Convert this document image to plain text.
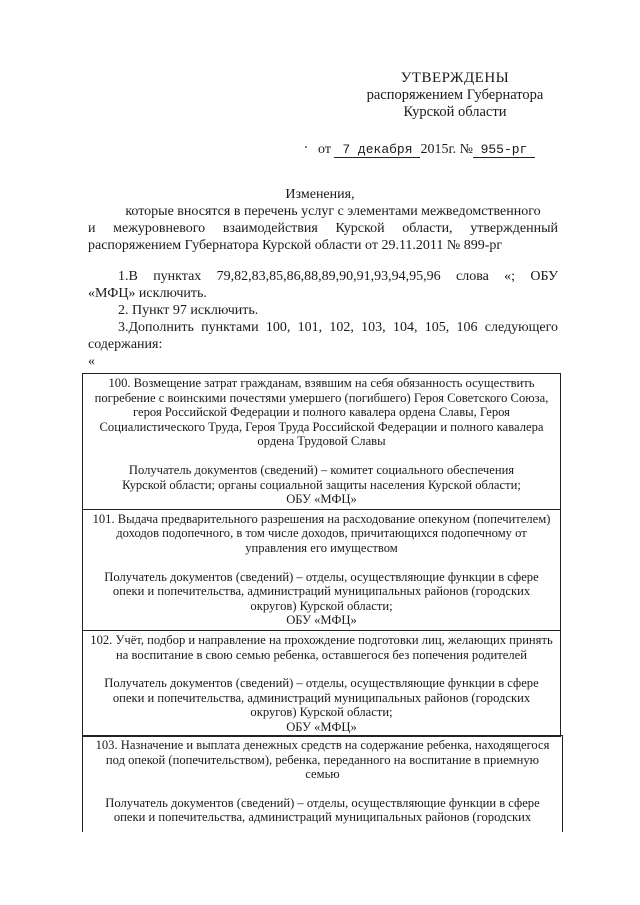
УТВЕРЖДЕНЫ
распоряжением Губернатора
Курской области
от 7 декабря 2015г. № 955-рг
Изменения,
которые вносятся в перечень услуг с элементами межведомственного
и межуровневого взаимодействия Курской области, утвержденный
распоряжением Губернатора Курской области от 29.11.2011 № 899-рг
1.В пунктах 79,82,83,85,86,88,89,90,91,93,94,95,96 слова «; ОБУ
«МФЦ» исключить.
2. Пункт 97 исключить.
3.Дополнить пунктами 100, 101, 102, 103, 104, 105, 106 следующего
содержания:
«
100. Возмещение затрат гражданам, взявшим на себя обязанность осуществить
погребение с воинскими почестями умершего (погибшего) Героя Советского Союза,
героя Российской Федерации и полного кавалера ордена Славы, Героя
Социалистического Труда, Героя Труда Российской Федерации и полного кавалера
ордена Трудовой Славы
Получатель документов (сведений) – комитет социального обеспечения
Курской области; органы социальной защиты населения Курской области;
ОБУ «МФЦ»

101. Выдача предварительного разрешения на расходование опекуном (попечителем)
доходов подопечного, в том числе доходов, причитающихся подопечному от
управления его имуществом
Получатель документов (сведений) – отделы, осуществляющие функции в сфере
опеки и попечительства, администраций муниципальных районов (городских
округов) Курской области;
ОБУ «МФЦ»

102. Учёт, подбор и направление на прохождение подготовки лиц, желающих принять
на воспитание в свою семью ребенка, оставшегося без попечения родителей
Получатель документов (сведений) – отделы, осуществляющие функции в сфере
опеки и попечительства, администраций муниципальных районов (городских
округов) Курской области;
ОБУ «МФЦ»
103. Назначение и выплата денежных средств на содержание ребенка, находящегося
под опекой (попечительством), ребенка, переданного на воспитание в приемную
семью
Получатель документов (сведений) – отделы, осуществляющие функции в сфере
опеки и попечительства, администраций муниципальных районов (городских
